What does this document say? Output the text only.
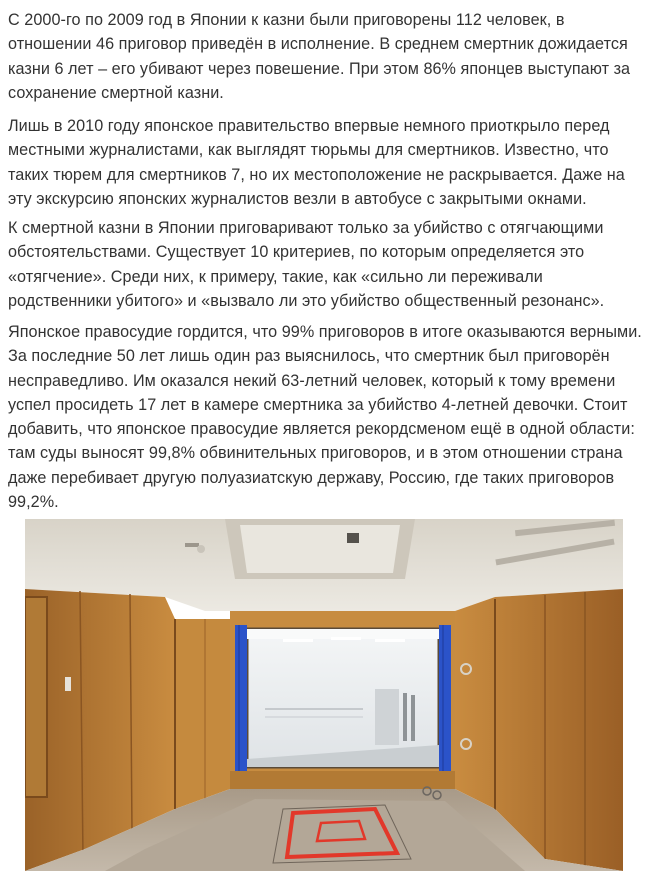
С 2000-го по 2009 год в Японии к казни были приговорены 112 человек, в отношении 46 приговор приведён в исполнение. В среднем смертник дожидается казни 6 лет – его убивают через повешение. При этом 86% японцев выступают за сохранение смертной казни.

Лишь в 2010 году японское правительство впервые немного приоткрыло перед местными журналистами, как выглядят тюрьмы для смертников. Известно, что таких тюрем для смертников 7, но их местоположение не раскрывается. Даже на эту экскурсию японских журналистов везли в автобусе с закрытыми окнами.

К смертной казни в Японии приговаривают только за убийство с отягчающими обстоятельствами. Существует 10 критериев, по которым определяется это «отягчение». Среди них, к примеру, такие, как «сильно ли переживали родственники убитого» и «вызвало ли это убийство общественный резонанс».

Японское правосудие гордится, что 99% приговоров в итоге оказываются верными. За последние 50 лет лишь один раз выяснилось, что смертник был приговорён несправедливо. Им оказался некий 63-летний человек, который к тому времени успел просидеть 17 лет в камере смертника за убийство 4-летней девочки. Стоит добавить, что японское правосудие является рекордсменом ещё в одной области: там суды выносят 99,8% обвинительных приговоров, и в этом отношении страна даже перебивает другую полуазиатскую державу, Россию, где таких приговоров 99,2%.
